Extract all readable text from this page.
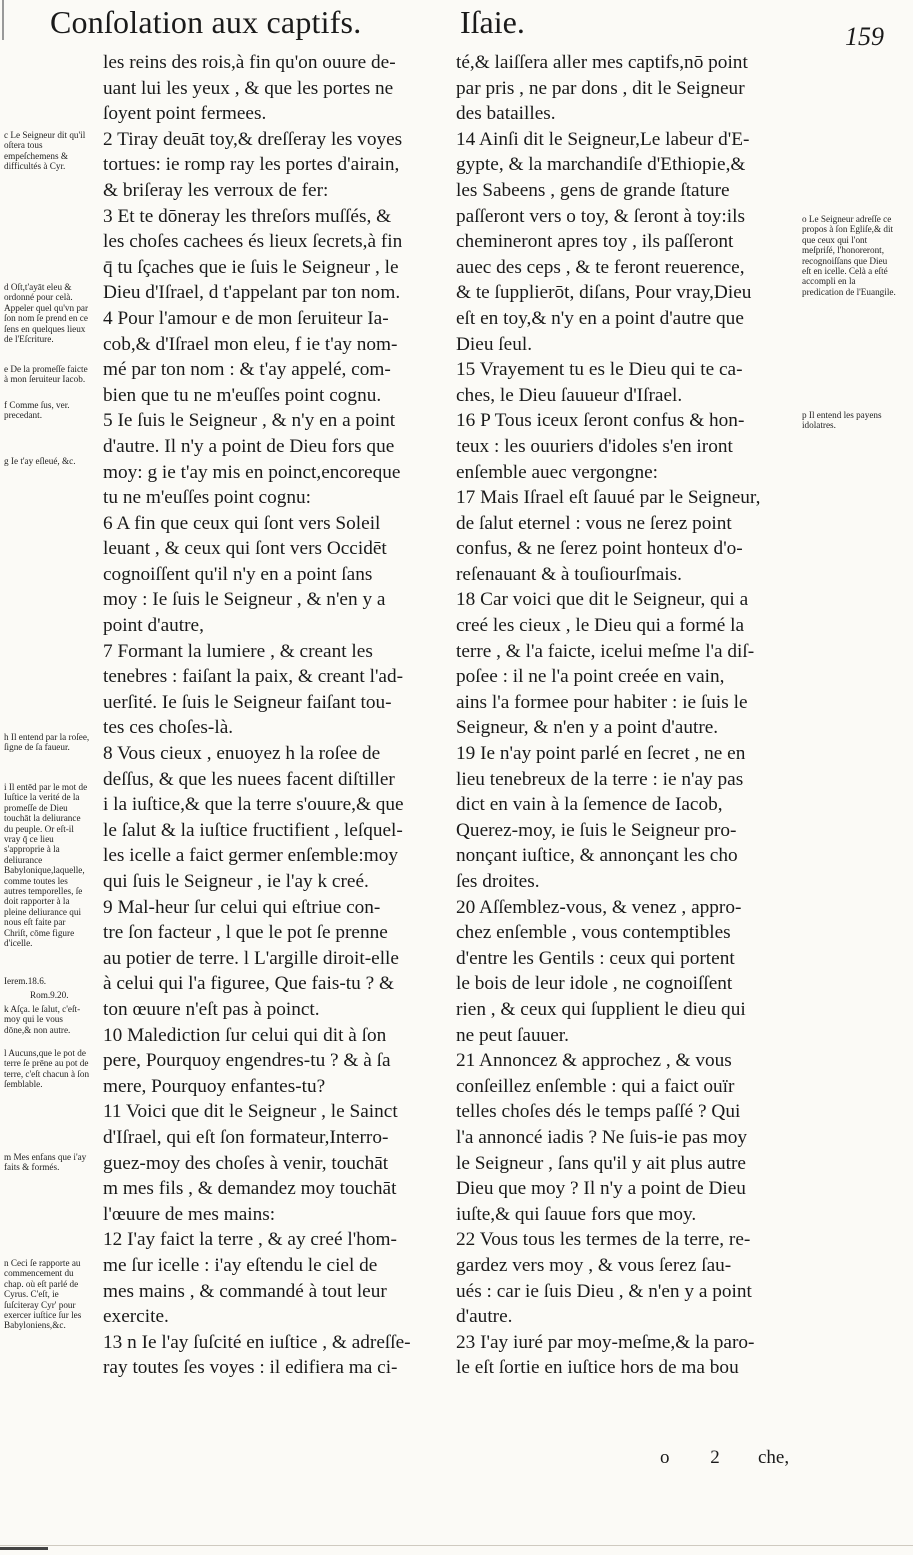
Conſolation aux captifs.	Iſaie.	159
les reins des rois,à fin qu'on ouure de-
uant lui les yeux , & que les portes ne
ſoyent point fermees.
2 Tiray deuāt toy,& dreſſeray les voyes
tortues: ie romp ray les portes d'airain,
& briſeray les verroux de fer:
3 Et te dōneray les threſors muſſés, &
les choſes cachees és lieux ſecrets,à fin
q̄ tu ſçaches que ie ſuis le Seigneur , le
Dieu d'Iſrael, d t'appelant par ton nom.
4 Pour l'amour e de mon ſeruiteur Ia-
cob,& d'Iſrael mon eleu, f ie t'ay nom-
mé par ton nom : & t'ay appelé, com-
bien que tu ne m'euſſes point cognu.
5 Ie ſuis le Seigneur , & n'y en a point
d'autre. Il n'y a point de Dieu fors que
moy: g ie t'ay mis en poinct,encoreque
tu ne m'euſſes point cognu:
6 A fin que ceux qui ſont vers Soleil
leuant , & ceux qui ſont vers Occidēt
cognoiſſent qu'il n'y en a point ſans
moy : Ie ſuis le Seigneur , & n'en y a
point d'autre,
7 Formant la lumiere , & creant les
tenebres : faiſant la paix, & creant l'ad-
uerſité. Ie ſuis le Seigneur faiſant tou-
tes ces choſes-là.
8 Vous cieux , enuoyez h la roſee de
deſſus, & que les nuees facent diſtiller
i la iuſtice,& que la terre s'ouure,& que
le ſalut & la iuſtice fructifient , leſquel-
les icelle a faict germer enſemble:moy
qui ſuis le Seigneur , ie l'ay k creé.
9 Mal-heur ſur celui qui eſtriue con-
tre ſon facteur , l que le pot ſe prenne
au potier de terre. l L'argille diroit-elle
à celui qui l'a figuree, Que fais-tu ? &
ton œuure n'eſt pas à poinct.
10 Malediction ſur celui qui dit à ſon
pere, Pourquoy engendres-tu ? & à ſa
mere, Pourquoy enfantes-tu?
11 Voici que dit le Seigneur , le Sainct
d'Iſrael, qui eſt ſon formateur,Interro-
guez-moy des choſes à venir, touchāt
m mes fils , & demandez moy touchāt
l'œuure de mes mains:
12 I'ay faict la terre , & ay creé l'hom-
me ſur icelle : i'ay eſtendu le ciel de
mes mains , & commandé à tout leur
exercite.
13 n Ie l'ay ſuſcité en iuſtice , & adreſſe-
ray toutes ſes voyes : il edifiera ma ci-
té,& laiſſera aller mes captifs,nō point
par pris , ne par dons , dit le Seigneur
des batailles.
14 Ainſi dit le Seigneur,Le labeur d'E-
gypte, & la marchandiſe d'Ethiopie,&
les Sabeens , gens de grande ſtature
paſſeront vers o toy, & ſeront à toy:ils
chemineront apres toy , ils paſſeront
auec des ceps , & te feront reuerence,
& te ſupplierōt, diſans, Pour vray,Dieu
eſt en toy,& n'y en a point d'autre que
Dieu ſeul.
15 Vrayement tu es le Dieu qui te ca-
ches, le Dieu ſauueur d'Iſrael.
16 P Tous iceux ſeront confus & hon-
teux : les ouuriers d'idoles s'en iront
enſemble auec vergongne:
17 Mais Iſrael eſt ſauué par le Seigneur,
de ſalut eternel : vous ne ſerez point
confus, & ne ſerez point honteux d'o-
reſenauant & à touſiourſmais.
18 Car voici que dit le Seigneur, qui a
creé les cieux , le Dieu qui a formé la
terre , & l'a faicte, icelui meſme l'a diſ-
poſee : il ne l'a point creée en vain,
ains l'a formee pour habiter : ie ſuis le
Seigneur, & n'en y a point d'autre.
19 Ie n'ay point parlé en ſecret , ne en
lieu tenebreux de la terre : ie n'ay pas
dict en vain à la ſemence de Iacob,
Querez-moy, ie ſuis le Seigneur pro-
nonçant iuſtice, & annonçant les cho
ſes droites.
20 Aſſemblez-vous, & venez , appro-
chez enſemble , vous contemptibles
d'entre les Gentils : ceux qui portent
le bois de leur idole , ne cognoiſſent
rien , & ceux qui ſupplient le dieu qui
ne peut ſauuer.
21 Annoncez & approchez , & vous
conſeillez enſemble : qui a faict ouïr
telles choſes dés le temps paſſé ? Qui
l'a annoncé iadis ? Ne ſuis-ie pas moy
le Seigneur , ſans qu'il y ait plus autre
Dieu que moy ? Il n'y a point de Dieu
iuſte,& qui ſauue fors que moy.
22 Vous tous les termes de la terre, re-
gardez vers moy , & vous ſerez ſau-
ués : car ie ſuis Dieu , & n'en y a point
d'autre.
23 I'ay iuré par moy-meſme,& la paro-
le eſt ſortie en iuſtice hors de ma bou
c Le Seigneur dit qu'il oſtera tous empeſchemens & difficultés à Cyr.
d Oſt,t'ayāt eleu & ordonné pour celà. Appeler quel qu'vn par ſon nom ſe prend en ce ſens en quelques lieux de l'Eſcriture.
e De la promeſſe faicte à mon ſeruiteur Iacob.
f Comme ſus, ver. precedant.
g Ie t'ay eſleué, &c.
h Il entend par la roſee, ſigne de ſa faueur.
i Il entēd par le mot de Iuſtice la verité de la promeſſe de Dieu touchāt la deliurance du peuple. Or eſt-il vray q̄ ce lieu s'approprie à la deliurance Babylonique,laquelle, comme toutes les autres temporelles, ſe doit rapporter à la pleine deliurance qui nous eſt faite par Chriſt, cōme figure d'icelle.
Ierem.18.6.
Rom.9.20.
k Aſça. le ſalut, c'eſt-moy qui le vous dōne,& non autre.
l Aucuns,que le pot de terre ſe prēne au pot de terre, c'eſt chacun à ſon ſemblable.
m Mes enfans que i'ay faits & formés.
n Ceci ſe rapporte au commencement du chap. où eſt parlé de Cyrus. C'eſt, ie ſuſciteray Cyr' pour exercer iuſtice ſur les Babyloniens,&c.
o Le Seigneur adreſſe ce propos à ſon Egliſe,& dit que ceux qui l'ont meſpriſé, l'honoreront, recognoiſſans que Dieu eſt en icelle. Celà a eſté accompli en la predication de l'Euangile.
p Il entend les payens idolatres.
o 2 che,
